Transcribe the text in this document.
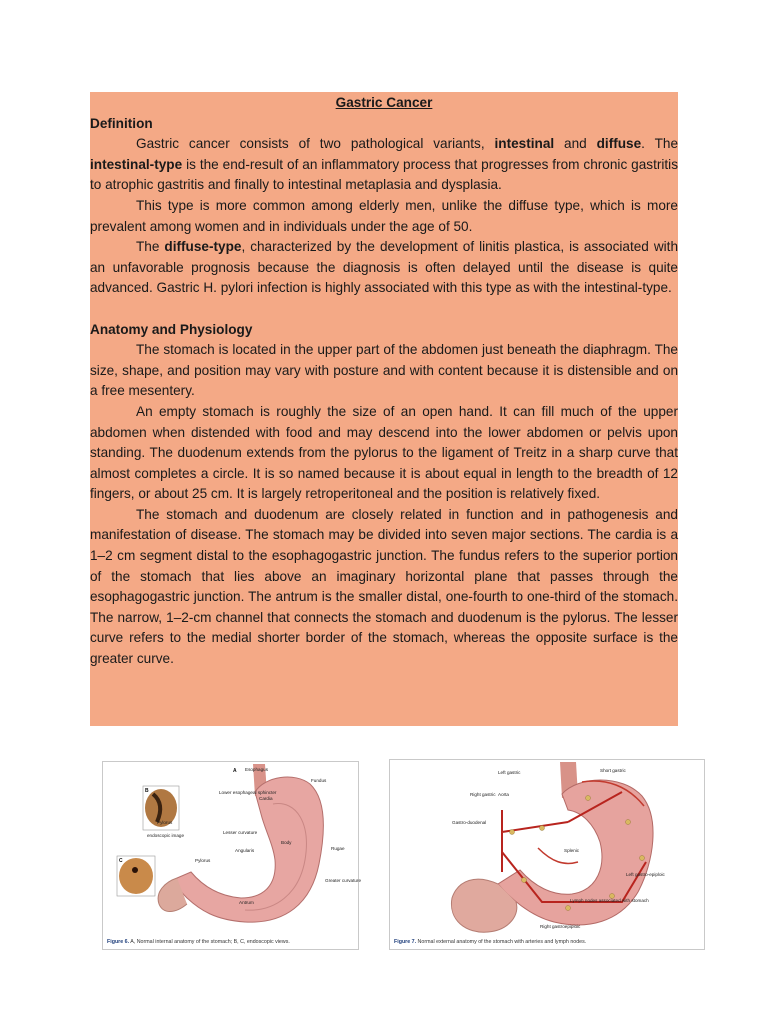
Gastric Cancer

Definition

Gastric cancer consists of two pathological variants, intestinal and diffuse. The intestinal-type is the end-result of an inflammatory process that progresses from chronic gastritis to atrophic gastritis and finally to intestinal metaplasia and dysplasia.

This type is more common among elderly men, unlike the diffuse type, which is more prevalent among women and in individuals under the age of 50.

The diffuse-type, characterized by the development of linitis plastica, is associated with an unfavorable prognosis because the diagnosis is often delayed until the disease is quite advanced. Gastric H. pylori infection is highly associated with this type as with the intestinal-type.

Anatomy and Physiology

The stomach is located in the upper part of the abdomen just beneath the diaphragm. The size, shape, and position may vary with posture and with content because it is distensible and on a free mesentery.

An empty stomach is roughly the size of an open hand. It can fill much of the upper abdomen when distended with food and may descend into the lower abdomen or pelvis upon standing. The duodenum extends from the pylorus to the ligament of Treitz in a sharp curve that almost completes a circle. It is so named because it is about equal in length to the breadth of 12 fingers, or about 25 cm. It is largely retroperitoneal and the position is relatively fixed.

The stomach and duodenum are closely related in function and in pathogenesis and manifestation of disease. The stomach may be divided into seven major sections. The cardia is a 1–2 cm segment distal to the esophagogastric junction. The fundus refers to the superior portion of the stomach that lies above an imaginary horizontal plane that passes through the esophagogastric junction. The antrum is the smaller distal, one-fourth to one-third of the stomach. The narrow, 1–2-cm channel that connects the stomach and duodenum is the pylorus. The lesser curve refers to the medial shorter border of the stomach, whereas the opposite surface is the greater curve.

B
Pylorus
endoscopic image
C
A Esophagus
Lower esophageal sphincter
Cardia
Fundus
Lesser curvature
Angularis
Pylorus
Body
Rugae
Greater curvature
Antrum
Figure 6. A, Normal internal anatomy of the stomach; B, C, endoscopic views.
Left gastric	Short gastric
Right gastric Aorta
Gastro-duodenal
Splenic
Left gastro-epiploic
Lymph nodes associated with stomach
Right gastroepiploic
Figure 7. Normal external anatomy of the stomach with arteries and lymph nodes.
